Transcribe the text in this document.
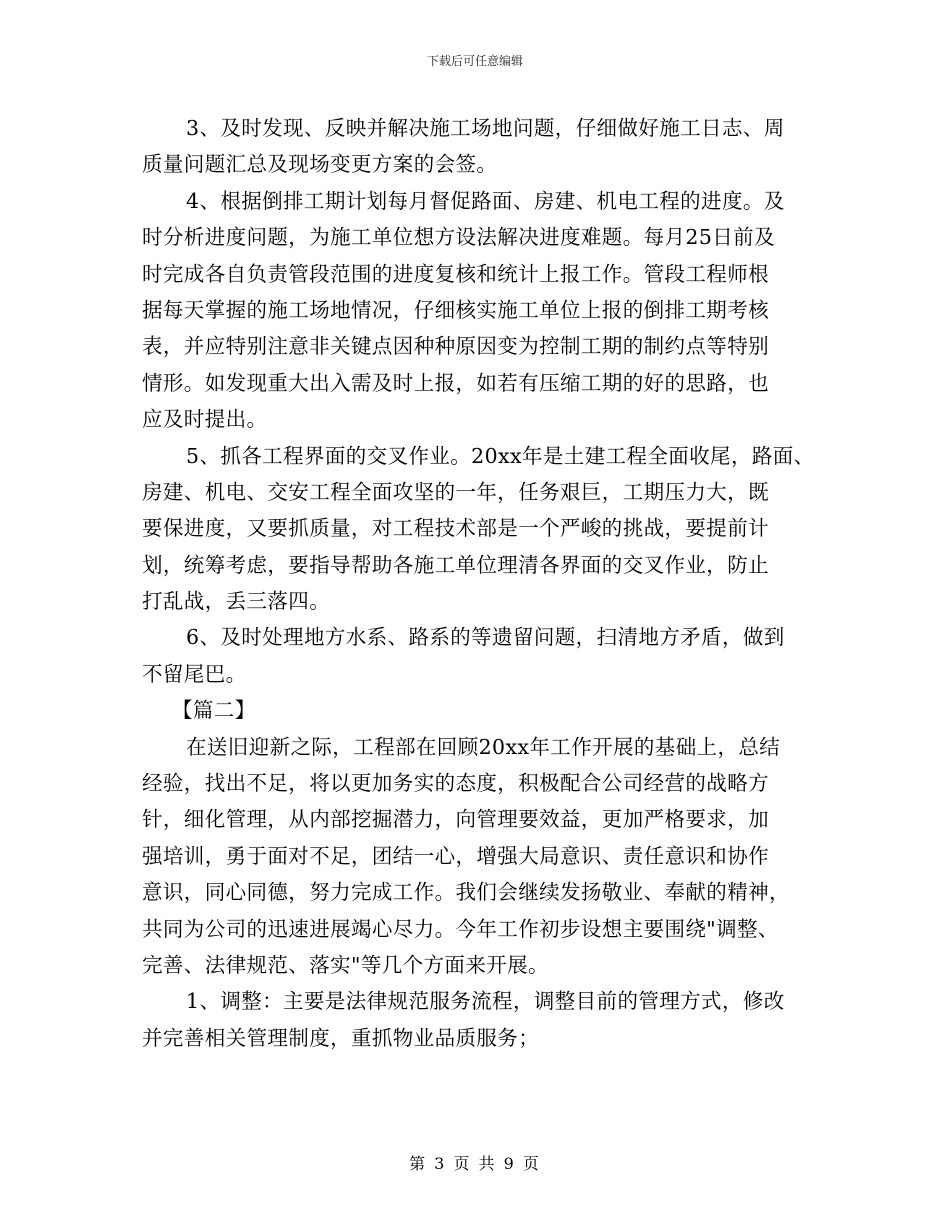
下载后可任意编辑
3、及时发现、反映并解决施工场地问题，仔细做好施工日志、周
质量问题汇总及现场变更方案的会签。
4、根据倒排工期计划每月督促路面、房建、机电工程的进度。及
时分析进度问题，为施工单位想方设法解决进度难题。每月25日前及
时完成各自负责管段范围的进度复核和统计上报工作。管段工程师根
据每天掌握的施工场地情况，仔细核实施工单位上报的倒排工期考核
表，并应特别注意非关键点因种种原因变为控制工期的制约点等特别
情形。如发现重大出入需及时上报，如若有压缩工期的好的思路，也
应及时提出。
5、抓各工程界面的交叉作业。20xx年是土建工程全面收尾，路面、
房建、机电、交安工程全面攻坚的一年，任务艰巨，工期压力大，既
要保进度，又要抓质量，对工程技术部是一个严峻的挑战，要提前计
划，统筹考虑，要指导帮助各施工单位理清各界面的交叉作业，防止
打乱战，丢三落四。
6、及时处理地方水系、路系的等遗留问题，扫清地方矛盾，做到
不留尾巴。
【篇二】
在送旧迎新之际，工程部在回顾20xx年工作开展的基础上，总结
经验，找出不足，将以更加务实的态度，积极配合公司经营的战略方
针，细化管理，从内部挖掘潜力，向管理要效益，更加严格要求，加
强培训，勇于面对不足，团结一心，增强大局意识、责任意识和协作
意识，同心同德，努力完成工作。我们会继续发扬敬业、奉献的精神，
共同为公司的迅速进展竭心尽力。今年工作初步设想主要围绕"调整、
完善、法律规范、落实"等几个方面来开展。
1、调整：主要是法律规范服务流程，调整目前的管理方式，修改
并完善相关管理制度，重抓物业品质服务；
第 3 页 共 9 页
